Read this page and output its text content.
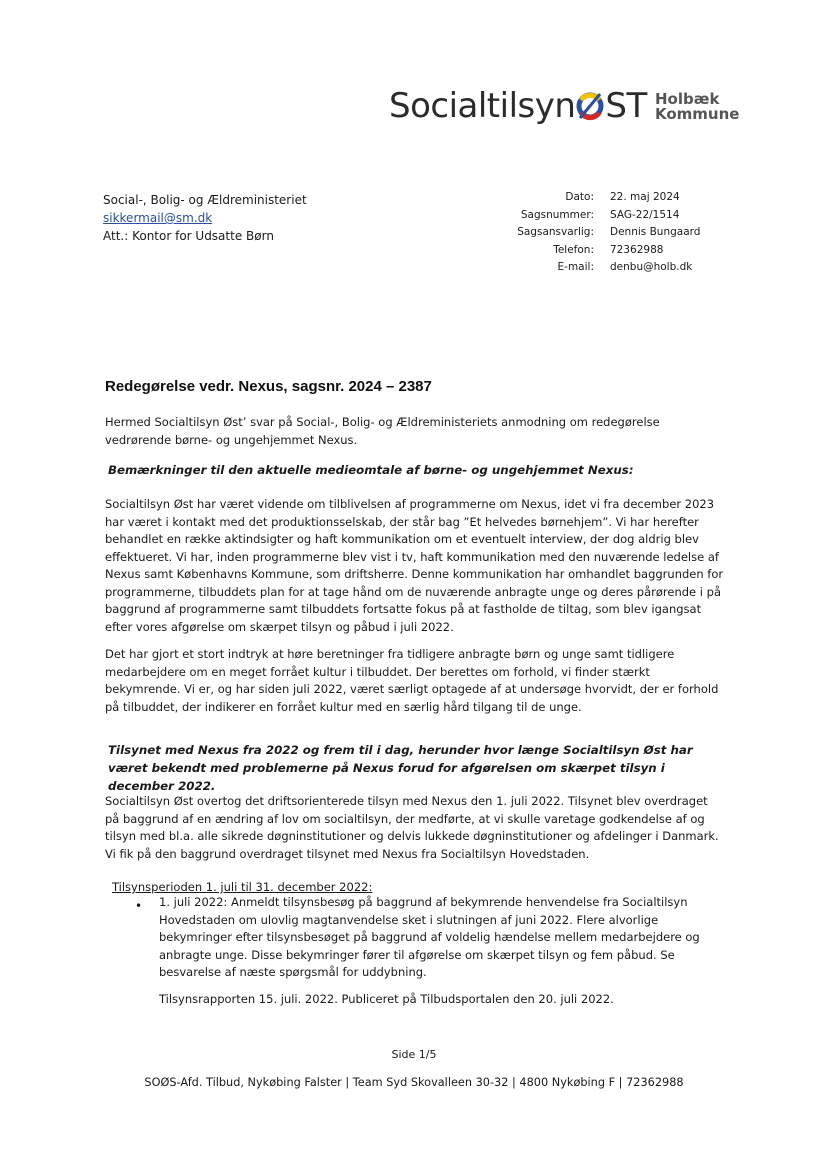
Socialtilsyn ST Holbæk
Kommune
Social-, Bolig- og Ældreministeriet
sikkermail@sm.dk
Att.: Kontor for Udsatte Børn
Dato:	22. maj 2024
Sagsnummer:	SAG-22/1514
Sagsansvarlig:	Dennis Bungaard
Telefon:	72362988
E-mail:	denbu@holb.dk
Redegørelse vedr. Nexus, sagsnr. 2024 – 2387
Hermed Socialtilsyn Øst’ svar på Social-, Bolig- og Ældreministeriets anmodning om redegørelse vedrørende børne- og ungehjemmet Nexus.
Bemærkninger til den aktuelle medieomtale af børne- og ungehjemmet Nexus:
Socialtilsyn Øst har været vidende om tilblivelsen af programmerne om Nexus, idet vi fra december 2023 har været i kontakt med det produktionsselskab, der står bag ”Et helvedes børnehjem”. Vi har herefter behandlet en række aktindsigter og haft kommunikation om et eventuelt interview, der dog aldrig blev effektueret. Vi har, inden programmerne blev vist i tv, haft kommunikation med den nuværende ledelse af Nexus samt Københavns Kommune, som driftsherre. Denne kommunikation har omhandlet baggrunden for programmerne, tilbuddets plan for at tage hånd om de nuværende anbragte unge og deres pårørende i på baggrund af programmerne samt tilbuddets fortsatte fokus på at fastholde de tiltag, som blev igangsat efter vores afgørelse om skærpet tilsyn og påbud i juli 2022.
Det har gjort et stort indtryk at høre beretninger fra tidligere anbragte børn og unge samt tidligere medarbejdere om en meget forrået kultur i tilbuddet. Der berettes om forhold, vi finder stærkt bekymrende. Vi er, og har siden juli 2022, været særligt optagede af at undersøge hvorvidt, der er forhold på tilbuddet, der indikerer en forrået kultur med en særlig hård tilgang til de unge.
Tilsynet med Nexus fra 2022 og frem til i dag, herunder hvor længe Socialtilsyn Øst har været bekendt med problemerne på Nexus forud for afgørelsen om skærpet tilsyn i december 2022.
Socialtilsyn Øst overtog det driftsorienterede tilsyn med Nexus den 1. juli 2022. Tilsynet blev overdraget på baggrund af en ændring af lov om socialtilsyn, der medførte, at vi skulle varetage godkendelse af og tilsyn med bl.a. alle sikrede døgninstitutioner og delvis lukkede døgninstitutioner og afdelinger i Danmark. Vi fik på den baggrund overdraget tilsynet med Nexus fra Socialtilsyn Hovedstaden.
Tilsynsperioden 1. juli til 31. december 2022:
• 1. juli 2022: Anmeldt tilsynsbesøg på baggrund af bekymrende henvendelse fra Socialtilsyn Hovedstaden om ulovlig magtanvendelse sket i slutningen af juni 2022. Flere alvorlige bekymringer efter tilsynsbesøget på baggrund af voldelig hændelse mellem medarbejdere og anbragte unge. Disse bekymringer fører til afgørelse om skærpet tilsyn og fem påbud. Se besvarelse af næste spørgsmål for uddybning.
Tilsynsrapporten 15. juli. 2022. Publiceret på Tilbudsportalen den 20. juli 2022.
Side 1/5
SOØS-Afd. Tilbud, Nykøbing Falster | Team Syd Skovalleen 30-32 | 4800 Nykøbing F | 72362988
